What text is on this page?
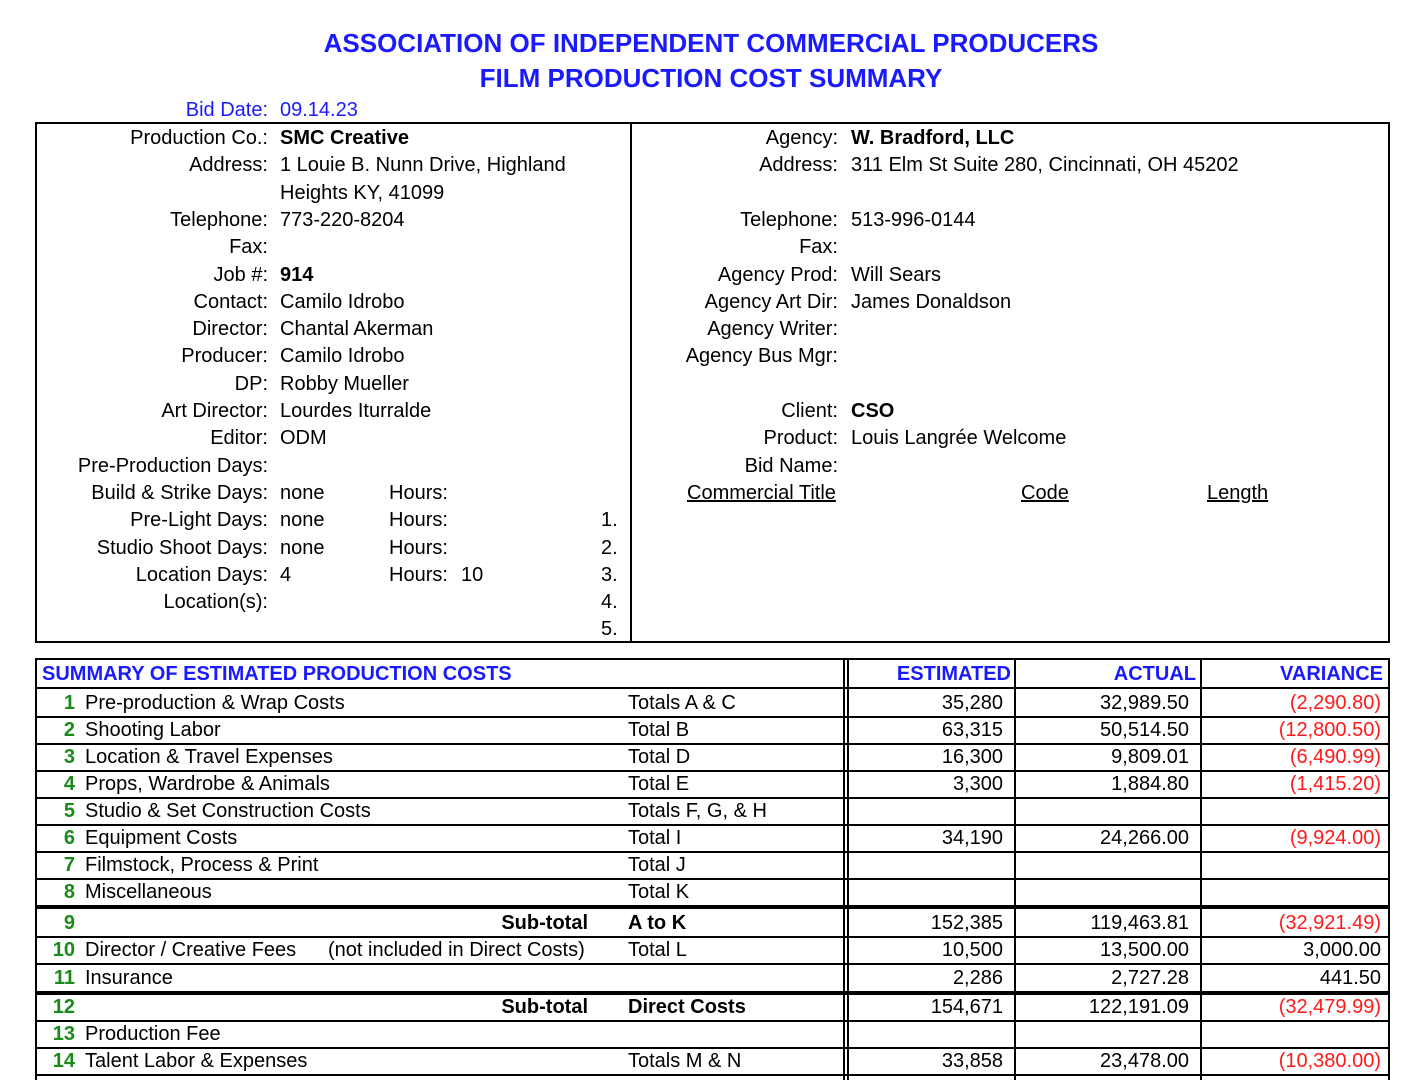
ASSOCIATION OF INDEPENDENT COMMERCIAL PRODUCERS
FILM PRODUCTION COST SUMMARY
Bid Date: 09.14.23
Production Co.: SMC Creative
Address: 1 Louie B. Nunn Drive, Highland
Heights KY, 41099
Telephone: 773-220-8204
Fax:
Job #: 914
Contact: Camilo Idrobo
Director: Chantal Akerman
Producer: Camilo Idrobo
DP: Robby Mueller
Art Director: Lourdes Iturralde
Editor: ODM
Pre-Production Days:
Build & Strike Days: none	Hours:
Pre-Light Days: none	Hours:
Studio Shoot Days: none	Hours:
Location Days: 4	Hours: 10
Location(s):
Agency: W. Bradford, LLC
Address: 311 Elm St Suite 280, Cincinnati, OH 45202
Telephone: 513-996-0144
Fax:
Agency Prod: Will Sears
Agency Art Dir: James Donaldson
Agency Writer:
Agency Bus Mgr:
Client: CSO
Product: Louis Langrée Welcome
Bid Name:
Commercial Title	Code	Length
1.
2.
3.
4.
5.
SUMMARY OF ESTIMATED PRODUCTION COSTS	ESTIMATED	ACTUAL	VARIANCE
1 Pre-production & Wrap Costs	Totals A & C	35,280	32,989.50	(2,290.80)
2 Shooting Labor	Total B	63,315	50,514.50	(12,800.50)
3 Location & Travel Expenses	Total D	16,300	9,809.01	(6,490.99)
4 Props, Wardrobe & Animals	Total E	3,300	1,884.80	(1,415.20)
5 Studio & Set Construction Costs	Totals F, G, & H
6 Equipment Costs	Total I	34,190	24,266.00	(9,924.00)
7 Filmstock, Process & Print	Total J
8 Miscellaneous	Total K
9	Sub-total A to K	152,385	119,463.81	(32,921.49)
10 Director / Creative Fees (not included in Direct Costs) Total L	10,500	13,500.00	3,000.00
11 Insurance	2,286	2,727.28	441.50
12	Sub-total Direct Costs	154,671	122,191.09	(32,479.99)
13 Production Fee
14 Talent Labor & Expenses	Totals M & N	33,858	23,478.00	(10,380.00)
